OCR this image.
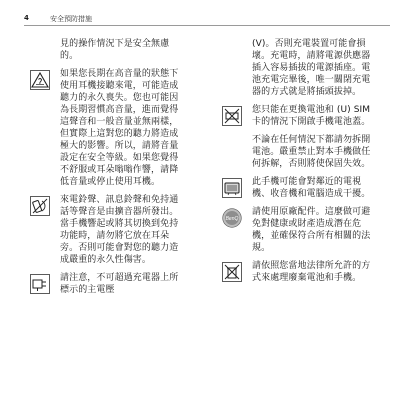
4	安全預防措施
見的操作情況下是安全無慮的。
如果您長期在高音量的狀態下使用耳機接聽來電，可能造成聽力的永久喪失。您也可能因為長期習慣高音量，進而覺得這聲音和一般音量並無兩樣，但實際上這對您的聽力將造成極大的影響。所以，請將音量設定在安全等級。如果您覺得不舒服或耳朵嗡嗡作響，請降低音量或停止使用耳機。
來電鈴聲、訊息鈴聲和免持通話等聲音是由擴音器所發出。當手機響起或將其切換到免持功能時，請勿將它放在耳朵旁。否則可能會對您的聽力造成嚴重的永久性傷害。
請注意，不可超過充電器上所標示的主電壓
(V)。否則充電裝置可能會損壞。充電時，請將電源供應器插入容易插拔的電源插座。電池充電完畢後，唯一關閉充電器的方式就是將插頭拔掉。
您只能在更換電池和 (U) SIM 卡的情況下開啟手機電池蓋。
不論在任何情況下都請勿拆開電池。嚴重禁止對本手機做任何拆解，否則將使保固失效。
此手機可能會對鄰近的電視機、收音機和電腦造成干擾。
BenQ
請使用原廠配件。這麼做可避免對健康或財產造成潛在危機，並確保符合所有相關的法規。
請依照您當地法律所允許的方式來處理廢棄電池和手機。
